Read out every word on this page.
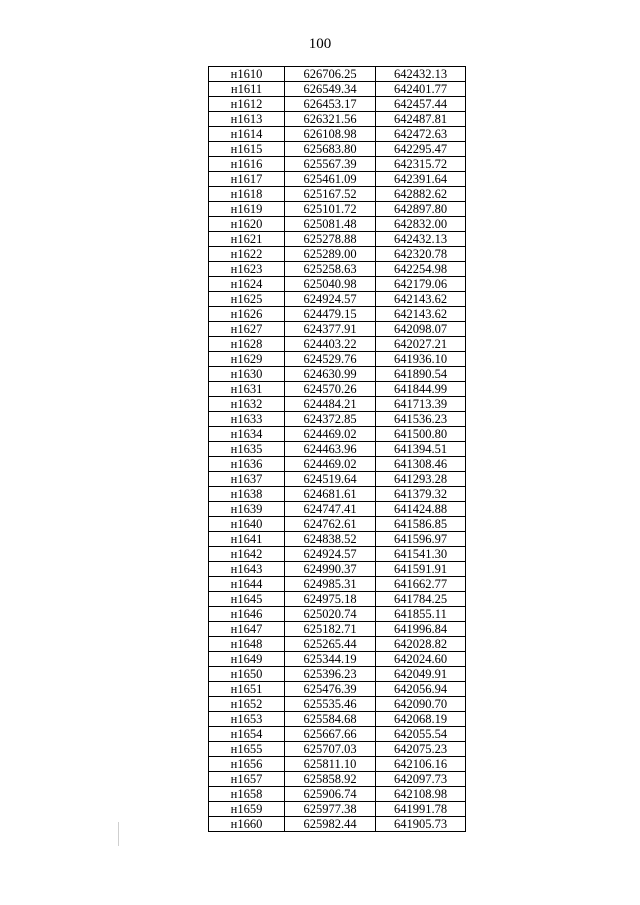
100
н1610	626706.25	642432.13
н1611	626549.34	642401.77
н1612	626453.17	642457.44
н1613	626321.56	642487.81
н1614	626108.98	642472.63
н1615	625683.80	642295.47
н1616	625567.39	642315.72
н1617	625461.09	642391.64
н1618	625167.52	642882.62
н1619	625101.72	642897.80
н1620	625081.48	642832.00
н1621	625278.88	642432.13
н1622	625289.00	642320.78
н1623	625258.63	642254.98
н1624	625040.98	642179.06
н1625	624924.57	642143.62
н1626	624479.15	642143.62
н1627	624377.91	642098.07
н1628	624403.22	642027.21
н1629	624529.76	641936.10
н1630	624630.99	641890.54
н1631	624570.26	641844.99
н1632	624484.21	641713.39
н1633	624372.85	641536.23
н1634	624469.02	641500.80
н1635	624463.96	641394.51
н1636	624469.02	641308.46
н1637	624519.64	641293.28
н1638	624681.61	641379.32
н1639	624747.41	641424.88
н1640	624762.61	641586.85
н1641	624838.52	641596.97
н1642	624924.57	641541.30
н1643	624990.37	641591.91
н1644	624985.31	641662.77
н1645	624975.18	641784.25
н1646	625020.74	641855.11
н1647	625182.71	641996.84
н1648	625265.44	642028.82
н1649	625344.19	642024.60
н1650	625396.23	642049.91
н1651	625476.39	642056.94
н1652	625535.46	642090.70
н1653	625584.68	642068.19
н1654	625667.66	642055.54
н1655	625707.03	642075.23
н1656	625811.10	642106.16
н1657	625858.92	642097.73
н1658	625906.74	642108.98
н1659	625977.38	641991.78
н1660	625982.44	641905.73
